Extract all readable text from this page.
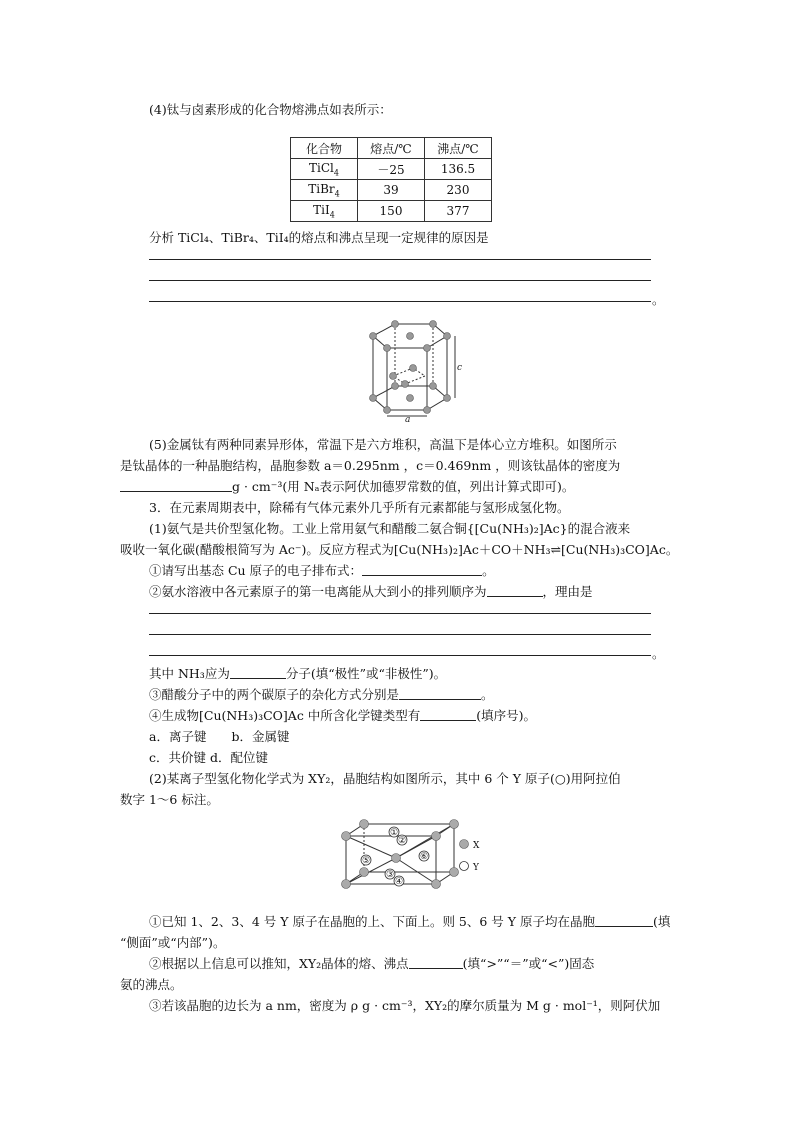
(4)钛与卤素形成的化合物熔沸点如表所示：
化合物	熔点/℃	沸点/℃
TiCl$_4$	－25	136.5
TiBr$_4$	39	230
TiI$_4$	150	377
分析 TiCl₄、TiBr₄、TiI₄的熔点和沸点呈现一定规律的原因是
。
c
a
(5)金属钛有两种同素异形体，常温下是六方堆积，高温下是体心立方堆积。如图所示
是钛晶体的一种晶胞结构，晶胞参数 a＝0.295nm ，c＝0.469nm ，则该钛晶体的密度为
g · cm⁻³(用 Nₐ表示阿伏加德罗常数的值，列出计算式即可)。
3．在元素周期表中，除稀有气体元素外几乎所有元素都能与氢形成氢化物。
(1)氨气是共价型氢化物。工业上常用氨气和醋酸二氨合铜{[Cu(NH₃)₂]Ac}的混合液来
吸收一氧化碳(醋酸根简写为 Ac⁻)。反应方程式为[Cu(NH₃)₂]Ac＋CO＋NH₃⇌[Cu(NH₃)₃CO]Ac。
①请写出基态 Cu 原子的电子排布式：	。
②氨水溶液中各元素原子的第一电离能从大到小的排列顺序为	，理由是
。
其中 NH₃应为	分子(填“极性”或“非极性”)。
③醋酸分子中的两个碳原子的杂化方式分别是	。
④生成物[Cu(NH₃)₃CO]Ac 中所含化学键类型有	(填序号)。
a．离子键　　b．金属键
c．共价键 d．配位键
(2)某离子型氢化物化学式为 XY₂，晶胞结构如图所示，其中 6 个 Y 原子(○)用阿拉伯
数字 1～6 标注。
①
②
③
④
⑤	⑥
X
Y
①已知 1、2、3、4 号 Y 原子在晶胞的上、下面上。则 5、6 号 Y 原子均在晶胞	(填
“侧面”或“内部”)。
②根据以上信息可以推知，XY₂晶体的熔、沸点	(填“>”“＝”或“<”)固态
氨的沸点。
③若该晶胞的边长为 a nm，密度为 ρ g · cm⁻³，XY₂的摩尔质量为 M g · mol⁻¹，则阿伏加
